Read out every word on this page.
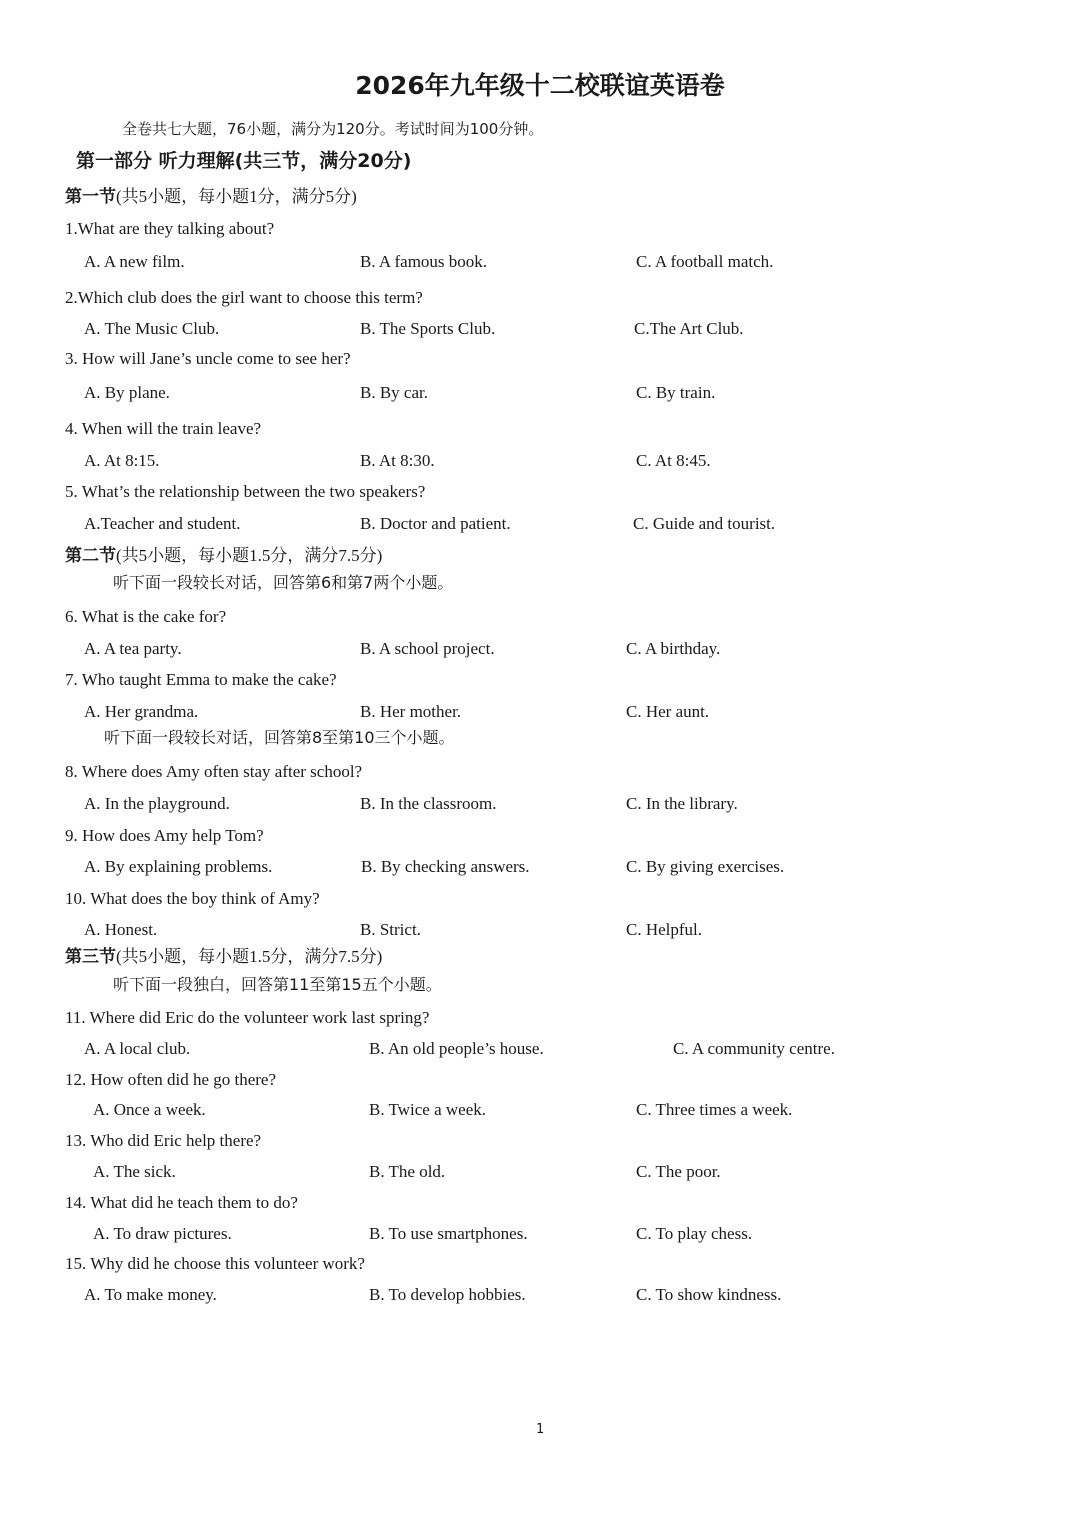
2026年九年级十二校联谊英语卷
全卷共七大题，76小题，满分为120分。考试时间为100分钟。
第一部分 听力理解(共三节，满分20分)
第一节(共5小题，每小题1分，满分5分)
1.What are they talking about?
A. A new film.	B. A famous book.	C. A football match.
2.Which club does the girl want to choose this term?
A. The Music Club.	B. The Sports Club.	C.The Art Club.
3. How will Jane’s uncle come to see her?
A. By plane.	B. By car.	C. By train.
4. When will the train leave?
A. At 8:15.	B. At 8:30.	C. At 8:45.
5. What’s the relationship between the two speakers?
A.Teacher and student.	B. Doctor and patient.	C. Guide and tourist.
第二节(共5小题，每小题1.5分，满分7.5分)
听下面一段较长对话，回答第6和第7两个小题。
6. What is the cake for?
A. A tea party.	B. A school project.	C. A birthday.
7. Who taught Emma to make the cake?
A. Her grandma.	B. Her mother.	C. Her aunt.
听下面一段较长对话，回答第8至第10三个小题。
8. Where does Amy often stay after school?
A. In the playground.	B. In the classroom.	C. In the library.
9. How does Amy help Tom?
A. By explaining problems.	B. By checking answers.	C. By giving exercises.
10. What does the boy think of Amy?
A. Honest.	B. Strict.	C. Helpful.
第三节(共5小题，每小题1.5分，满分7.5分)
听下面一段独白，回答第11至第15五个小题。
11. Where did Eric do the volunteer work last spring?
A. A local club.	B. An old people’s house.	C. A community centre.
12. How often did he go there?
A. Once a week.	B. Twice a week.	C. Three times a week.
13. Who did Eric help there?
A. The sick.	B. The old.	C. The poor.
14. What did he teach them to do?
A. To draw pictures.	B. To use smartphones.	C. To play chess.
15. Why did he choose this volunteer work?
A. To make money.	B. To develop hobbies.	C. To show kindness.
1
